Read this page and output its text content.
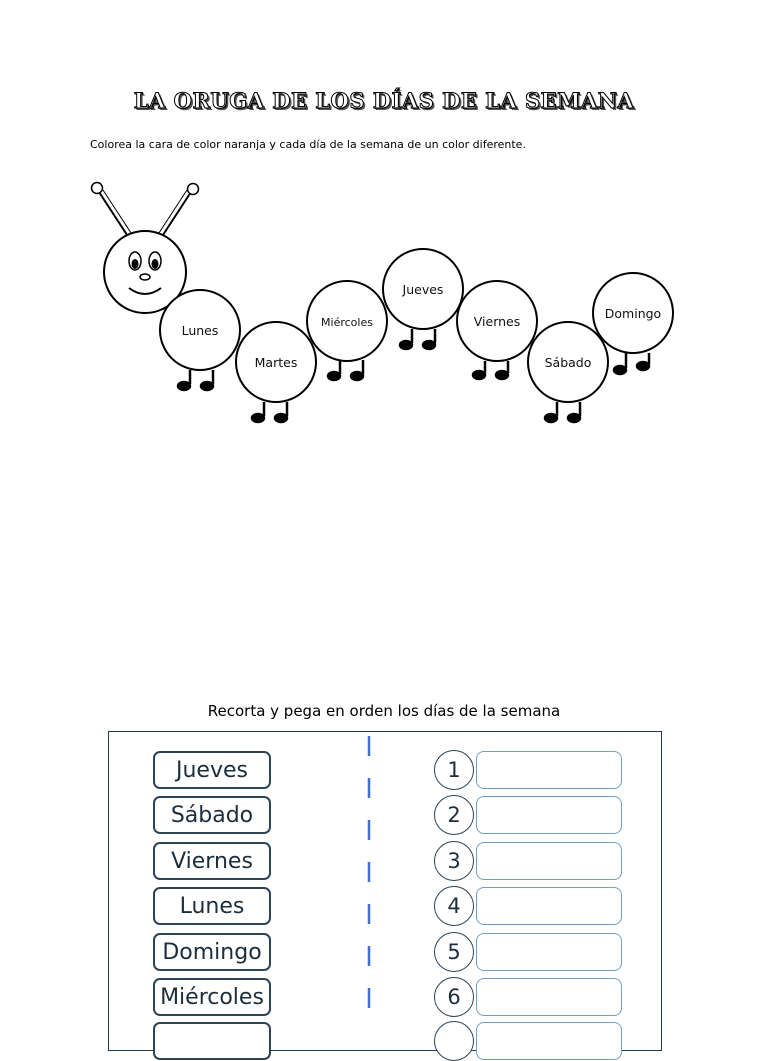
LA ORUGA DE LOS DÍAS DE LA SEMANA
Colorea la cara de color naranja y cada día de la semana de un color diferente.
Lunes
Martes
Miércoles
Jueves
Viernes
Sábado
Domingo
Recorta y pega en orden los días de la semana
Jueves
Sábado
Viernes
Lunes
Domingo
Miércoles
1
2
3
4
5
6
